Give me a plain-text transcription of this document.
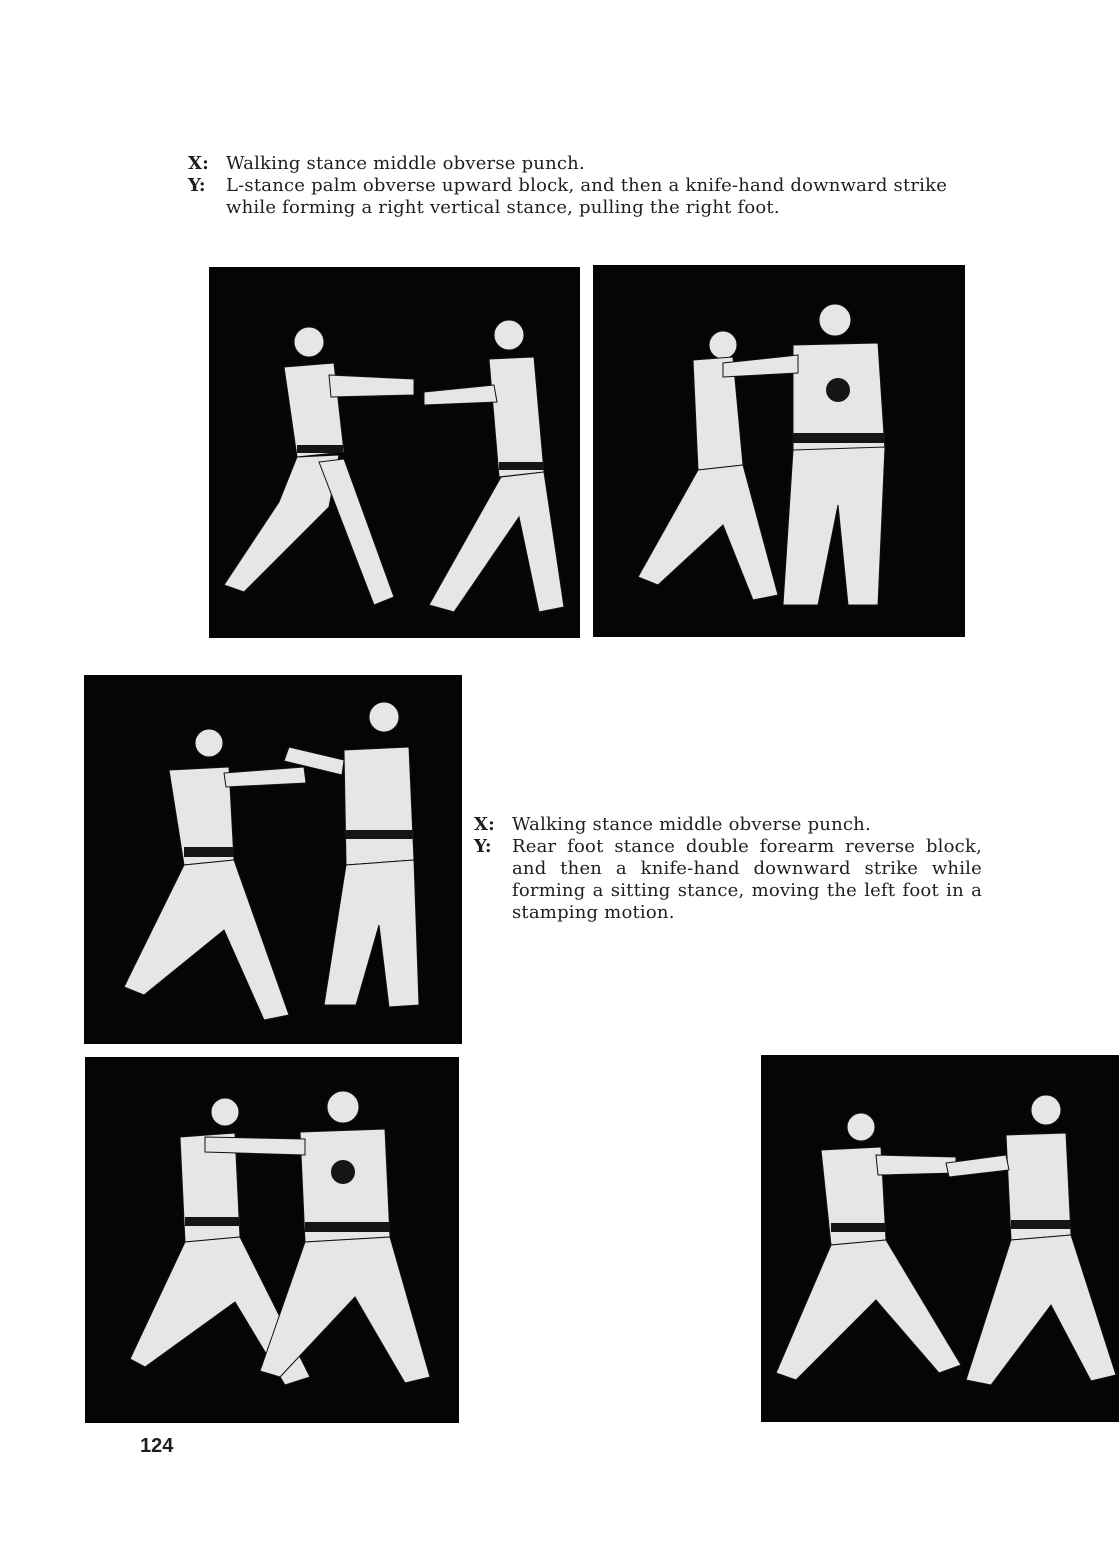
X: Walking stance middle obverse punch.
Y:	L-stance palm obverse upward block, and then a knife-hand downward strike while forming a right vertical stance, pulling the right foot.
X: Walking stance middle obverse punch.
Y:	Rear foot stance double forearm reverse block, and then a knife-hand downward strike while forming a sitting stance, moving the left foot in a stamping motion.
124
